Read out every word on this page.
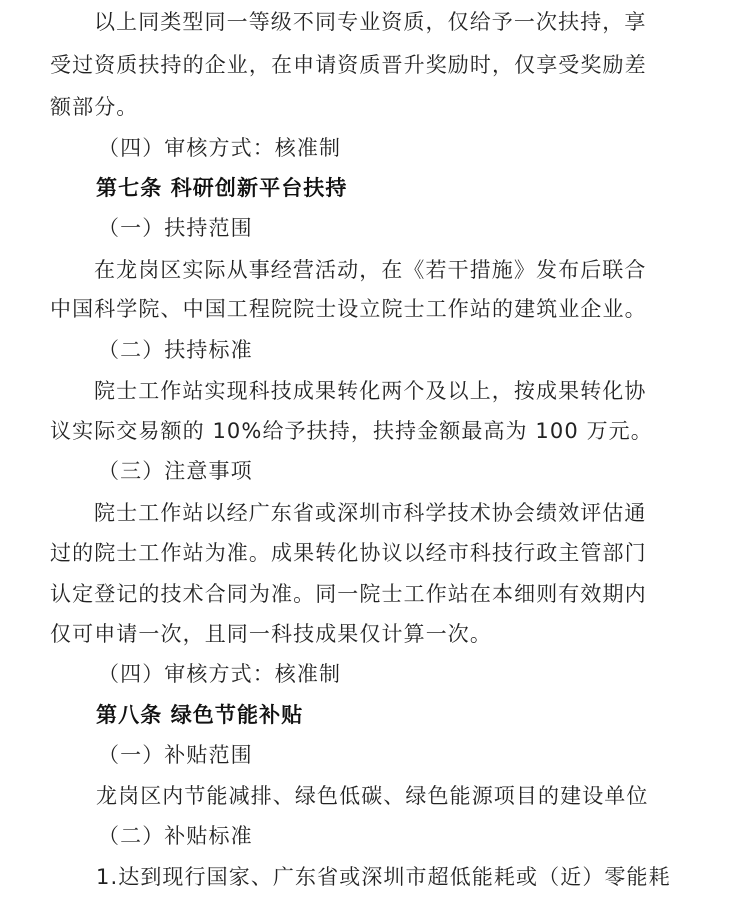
以上同类型同一等级不同专业资质，仅给予一次扶持，享
受过资质扶持的企业，在申请资质晋升奖励时，仅享受奖励差
额部分。
（四）审核方式：核准制
第七条 科研创新平台扶持
（一）扶持范围
在龙岗区实际从事经营活动，在《若干措施》发布后联合
中国科学院、中国工程院院士设立院士工作站的建筑业企业。
（二）扶持标准
院士工作站实现科技成果转化两个及以上，按成果转化协
议实际交易额的 10%给予扶持，扶持金额最高为 100 万元。
（三）注意事项
院士工作站以经广东省或深圳市科学技术协会绩效评估通
过的院士工作站为准。成果转化协议以经市科技行政主管部门
认定登记的技术合同为准。同一院士工作站在本细则有效期内
仅可申请一次，且同一科技成果仅计算一次。
（四）审核方式：核准制
第八条 绿色节能补贴
（一）补贴范围
龙岗区内节能减排、绿色低碳、绿色能源项目的建设单位
（二）补贴标准
1.达到现行国家、广东省或深圳市超低能耗或（近）零能耗
